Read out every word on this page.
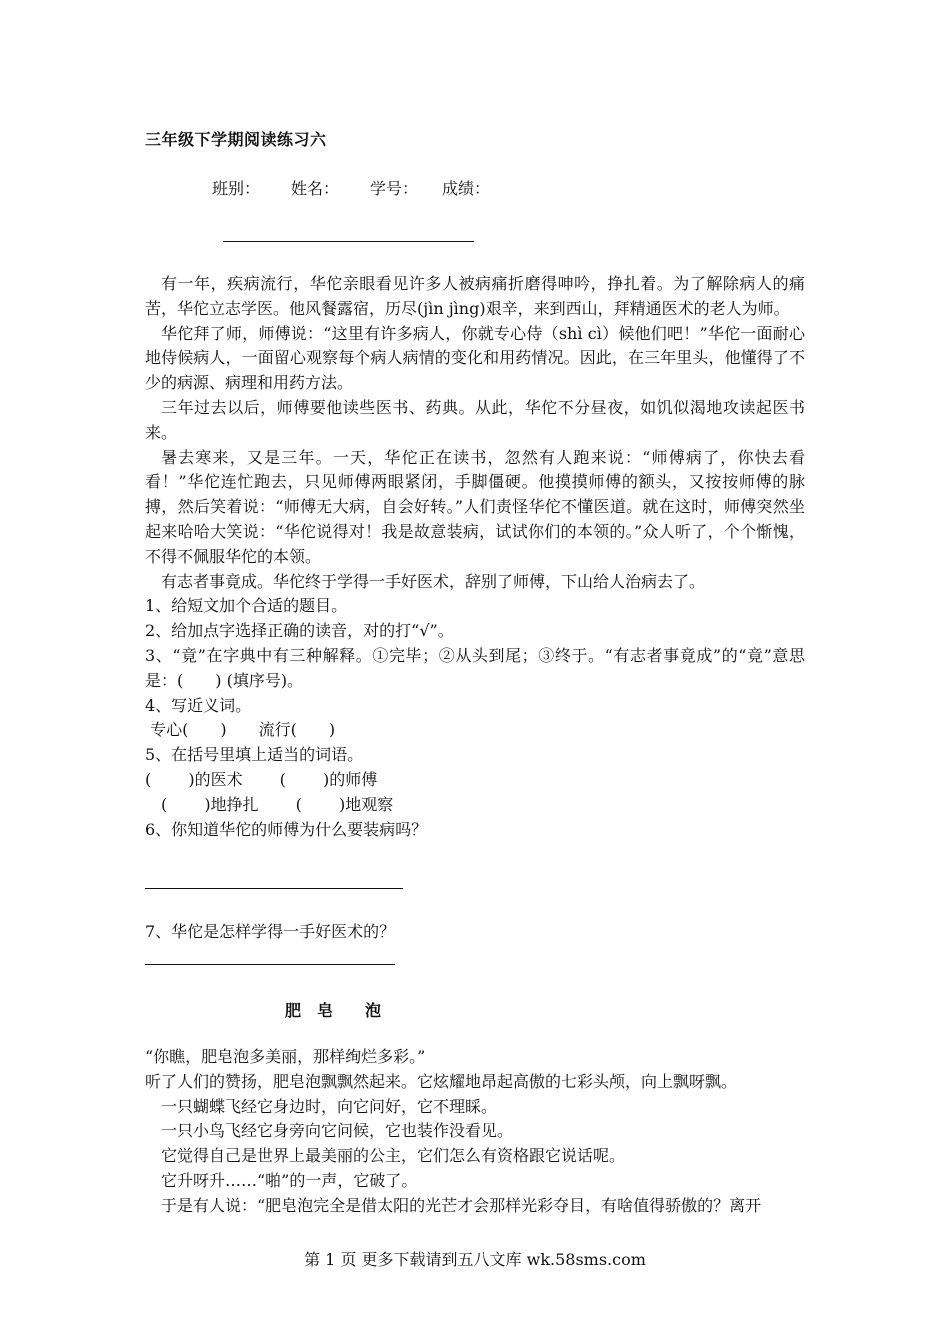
三年级下学期阅读练习六
班别： 姓名： 学号： 成绩：

有一年，疾病流行，华佗亲眼看见许多人被病痛折磨得呻吟，挣扎着。为了解除病人的痛苦，华佗立志学医。他风餐露宿，历尽(jìn jìng)艰辛，来到西山，拜精通医术的老人为师。

华佗拜了师，师傅说：“这里有许多病人，你就专心侍（shì cì）候他们吧！”华佗一面耐心地侍候病人，一面留心观察每个病人病情的变化和用药情况。因此，在三年里头，他懂得了不少的病源、病理和用药方法。

三年过去以后，师傅要他读些医书、药典。从此，华佗不分昼夜，如饥似渴地攻读起医书来。

暑去寒来，又是三年。一天，华佗正在读书，忽然有人跑来说：“师傅病了，你快去看看！”华佗连忙跑去，只见师傅两眼紧闭，手脚僵硬。他摸摸师傅的额头，又按按师傅的脉搏，然后笑着说：“师傅无大病，自会好转。”人们责怪华佗不懂医道。就在这时，师傅突然坐起来哈哈大笑说：“华佗说得对！我是故意装病，试试你们的本领的。”众人听了，个个惭愧，不得不佩服华佗的本领。

有志者事竟成。华佗终于学得一手好医术，辞别了师傅，下山给人治病去了。

1、给短文加个合适的题目。

2、给加点字选择正确的读音，对的打“√”。

3、“竟”在字典中有三种解释。①完毕；②从头到尾；③终于。“有志者事竟成”的“竟”意思是：(　　) (填序号)。

4、写近义词。

专心(　　)　　流行(　　)

5、在括号里填上适当的词语。

(　　 )的医术　　 (　　 )的师傅

　(　　 )地挣扎　　 (　　 )地观察

6、你知道华佗的师傅为什么要装病吗？

7、华佗是怎样学得一手好医术的？

肥　皂　　泡

“你瞧，肥皂泡多美丽，那样绚烂多彩。”

听了人们的赞扬，肥皂泡飘飘然起来。它炫耀地昂起高傲的七彩头颅，向上飘呀飘。

一只蝴蝶飞经它身边时，向它问好，它不理睬。

一只小鸟飞经它身旁向它问候，它也装作没看见。

它觉得自己是世界上最美丽的公主，它们怎么有资格跟它说话呢。

它升呀升……“啪”的一声，它破了。

于是有人说：“肥皂泡完全是借太阳的光芒才会那样光彩夺目，有啥值得骄傲的？离开

第 1 页 更多下载请到五八文库 wk.58sms.com
